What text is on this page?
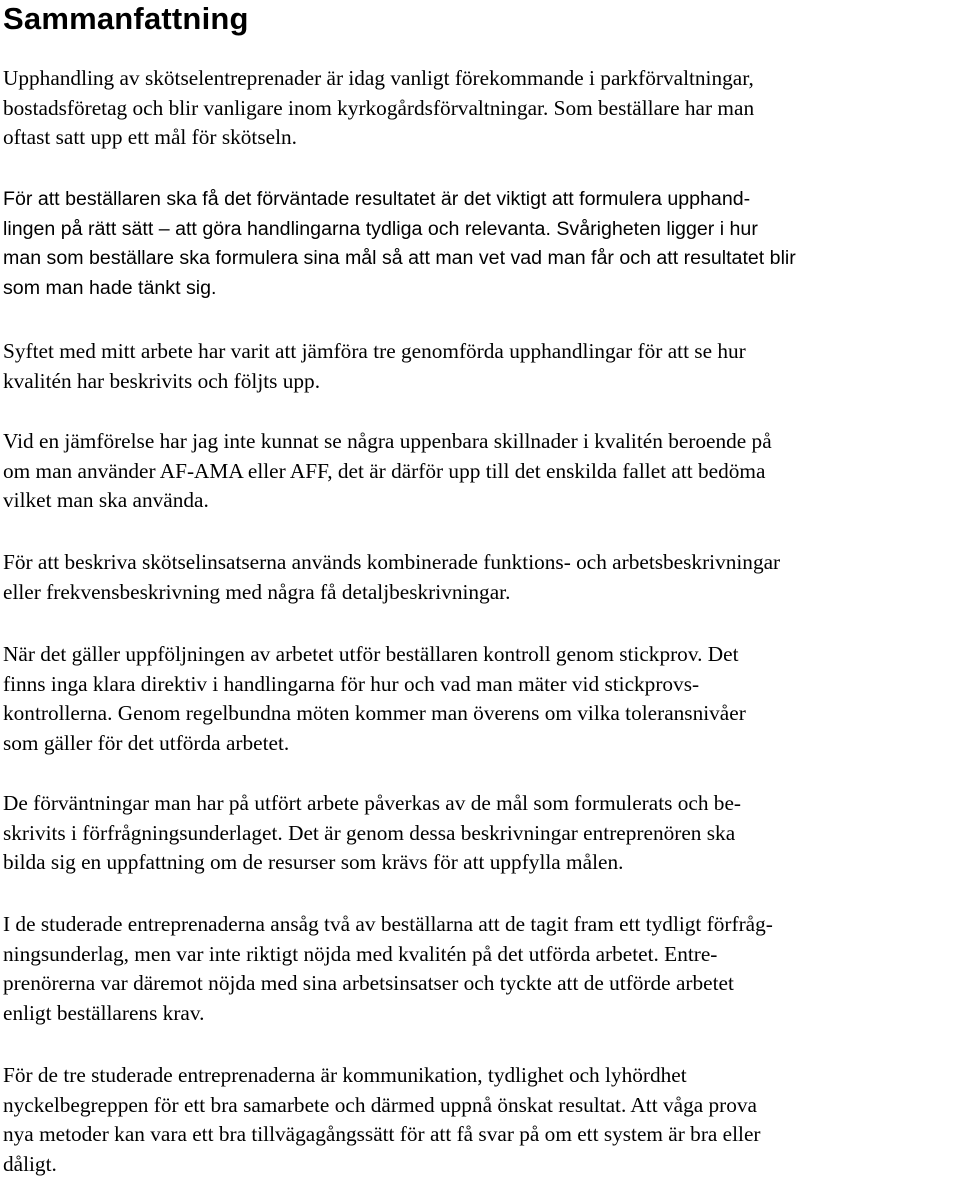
Sammanfattning

Upphandling av skötselentreprenader är idag vanligt förekommande i parkförvaltningar,
bostadsföretag och blir vanligare inom kyrkogårdsförvaltningar. Som beställare har man
oftast satt upp ett mål för skötseln.

För att beställaren ska få det förväntade resultatet är det viktigt att formulera upphand-
lingen på rätt sätt – att göra handlingarna tydliga och relevanta. Svårigheten ligger i hur
man som beställare ska formulera sina mål så att man vet vad man får och att resultatet blir
som man hade tänkt sig.

Syftet med mitt arbete har varit att jämföra tre genomförda upphandlingar för att se hur
kvalitén har beskrivits och följts upp.

Vid en jämförelse har jag inte kunnat se några uppenbara skillnader i kvalitén beroende på
om man använder AF-AMA eller AFF, det är därför upp till det enskilda fallet att bedöma
vilket man ska använda.

För att beskriva skötselinsatserna används kombinerade funktions- och arbetsbeskrivningar
eller frekvensbeskrivning med några få detaljbeskrivningar.

När det gäller uppföljningen av arbetet utför beställaren kontroll genom stickprov. Det
finns inga klara direktiv i handlingarna för hur och vad man mäter vid stickprovs-
kontrollerna. Genom regelbundna möten kommer man överens om vilka toleransnivåer
som gäller för det utförda arbetet.

De förväntningar man har på utfört arbete påverkas av de mål som formulerats och be-
skrivits i förfrågningsunderlaget. Det är genom dessa beskrivningar entreprenören ska
bilda sig en uppfattning om de resurser som krävs för att uppfylla målen.

I de studerade entreprenaderna ansåg två av beställarna att de tagit fram ett tydligt förfråg-
ningsunderlag, men var inte riktigt nöjda med kvalitén på det utförda arbetet. Entre-
prenörerna var däremot nöjda med sina arbetsinsatser och tyckte att de utförde arbetet
enligt beställarens krav.

För de tre studerade entreprenaderna är kommunikation, tydlighet och lyhördhet
nyckelbegreppen för ett bra samarbete och därmed uppnå önskat resultat. Att våga prova
nya metoder kan vara ett bra tillvägagångssätt för att få svar på om ett system är bra eller
dåligt.
